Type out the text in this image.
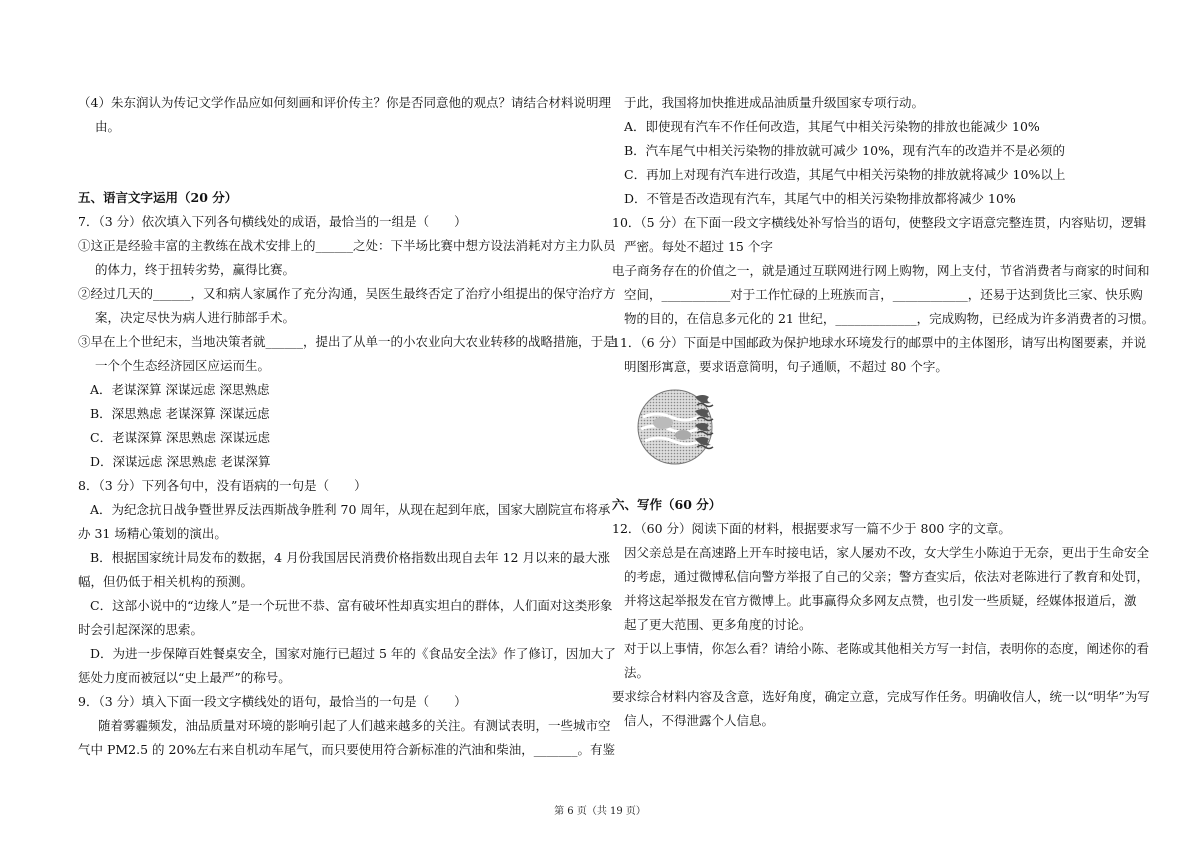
（4）朱东润认为传记文学作品应如何刻画和评价传主？你是否同意他的观点？请结合材料说明理
由。
五、语言文字运用（20 分）
7．（3 分）依次填入下列各句横线处的成语，最恰当的一组是（　　）
①这正是经验丰富的主教练在战术安排上的______之处：下半场比赛中想方设法消耗对方主力队员
的体力，终于扭转劣势，赢得比赛。
②经过几天的______，又和病人家属作了充分沟通，吴医生最终否定了治疗小组提出的保守治疗方
案，决定尽快为病人进行肺部手术。
③早在上个世纪末，当地决策者就______，提出了从单一的小农业向大农业转移的战略措施，于是
一个个生态经济园区应运而生。
A．老谋深算 深谋远虑 深思熟虑
B．深思熟虑 老谋深算 深谋远虑
C．老谋深算 深思熟虑 深谋远虑
D．深谋远虑 深思熟虑 老谋深算
8．（3 分）下列各句中，没有语病的一句是（　　）
A．为纪念抗日战争暨世界反法西斯战争胜利 70 周年，从现在起到年底，国家大剧院宣布将承
办 31 场精心策划的演出。
B．根据国家统计局发布的数据，4 月份我国居民消费价格指数出现自去年 12 月以来的最大涨
幅，但仍低于相关机构的预测。
C．这部小说中的“边缘人”是一个玩世不恭、富有破坏性却真实坦白的群体，人们面对这类形象
时会引起深深的思索。
D．为进一步保障百姓餐桌安全，国家对施行已超过 5 年的《食品安全法》作了修订，因加大了
惩处力度而被冠以“史上最严”的称号。
9．（3 分）填入下面一段文字横线处的语句，最恰当的一句是（　　）
随着雾霾频发，油品质量对环境的影响引起了人们越来越多的关注。有测试表明，一些城市空
气中 PM2.5 的 20%左右来自机动车尾气，而只要使用符合新标准的汽油和柴油，_______。有鉴
于此，我国将加快推进成品油质量升级国家专项行动。
A．即使现有汽车不作任何改造，其尾气中相关污染物的排放也能减少 10%
B．汽车尾气中相关污染物的排放就可减少 10%，现有汽车的改造并不是必须的
C．再加上对现有汽车进行改造，其尾气中相关污染物的排放就将减少 10%以上
D．不管是否改造现有汽车，其尾气中的相关污染物排放都将减少 10%
10．（5 分）在下面一段文字横线处补写恰当的语句，使整段文字语意完整连贯，内容贴切，逻辑
严密。每处不超过 15 个字
电子商务存在的价值之一，就是通过互联网进行网上购物，网上支付，节省消费者与商家的时间和
空间，___________对于工作忙碌的上班族而言，____________，还易于达到货比三家、快乐购
物的目的，在信息多元化的 21 世纪，_____________，完成购物，已经成为许多消费者的习惯。
11．（6 分）下面是中国邮政为保护地球水环境发行的邮票中的主体图形，请写出构图要素，并说
明图形寓意，要求语意简明，句子通顺，不超过 80 个字。
六、写作（60 分）
12．（60 分）阅读下面的材料，根据要求写一篇不少于 800 字的文章。
因父亲总是在高速路上开车时接电话，家人屡劝不改，女大学生小陈迫于无奈，更出于生命安全
的考虑，通过微博私信向警方举报了自己的父亲；警方查实后，依法对老陈进行了教育和处罚，
并将这起举报发在官方微博上。此事赢得众多网友点赞，也引发一些质疑，经媒体报道后，激
起了更大范围、更多角度的讨论。
对于以上事情，你怎么看？请给小陈、老陈或其他相关方写一封信，表明你的态度，阐述你的看
法。
要求综合材料内容及含意，选好角度，确定立意，完成写作任务。明确收信人，统一以“明华”为写
信人，不得泄露个人信息。
第 6 页（共 19 页）
